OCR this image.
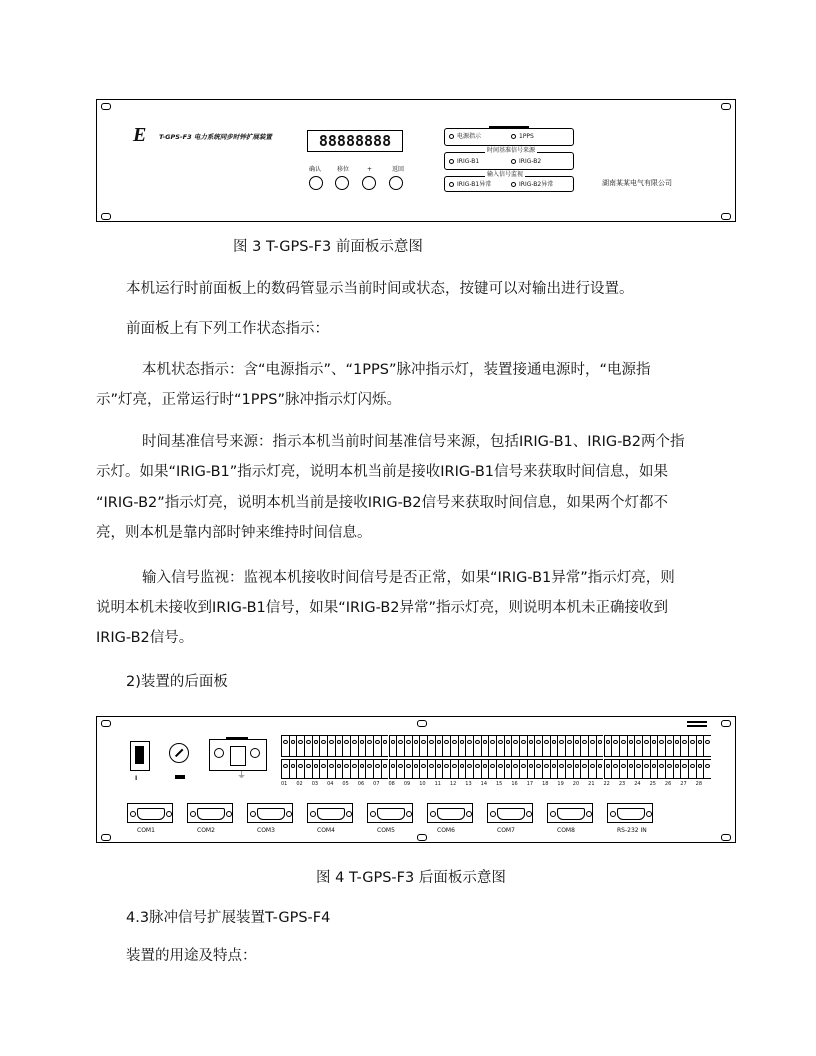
E	T-GPS-F3 电力系统同步时钟扩展装置	88888888
确认	移位	+	返回
电源指示	1PPS
时间基准信号来源
IRIG-B1	IRIG-B2
输入信号监视
IRIG-B1异常	IRIG-B2异常	湖南某某电气有限公司
图 3 T-GPS-F3 前面板示意图
本机运行时前面板上的数码管显示当前时间或状态，按键可以对输出进行设置。
前面板上有下列工作状态指示：
本机状态指示：含“电源指示”、“1PPS”脉冲指示灯，装置接通电源时，“电源指
示”灯亮，正常运行时“1PPS”脉冲指示灯闪烁。
时间基准信号来源：指示本机当前时间基准信号来源，包括IRIG-B1、IRIG-B2两个指
示灯。如果“IRIG-B1”指示灯亮，说明本机当前是接收IRIG-B1信号来获取时间信息，如果
“IRIG-B2”指示灯亮，说明本机当前是接收IRIG-B2信号来获取时间信息，如果两个灯都不
亮，则本机是靠内部时钟来维持时间信息。
输入信号监视：监视本机接收时间信号是否正常，如果“IRIG-B1异常”指示灯亮，则
说明本机未接收到IRIG-B1信号，如果“IRIG-B2异常”指示灯亮，则说明本机未正确接收到
IRIG-B2信号。
2)装置的后面板
I	⏚
01 02 03 04 05 06 07 08 09 10 11 12 13 14 15 16 17 18 19 20 21 22 23 24 25 26 27 28
COM1	COM2	COM3	COM4	COM5	COM6	COM7	COM8	RS-232 IN
图 4 T-GPS-F3 后面板示意图
4.3脉冲信号扩展装置T-GPS-F4
装置的用途及特点：
